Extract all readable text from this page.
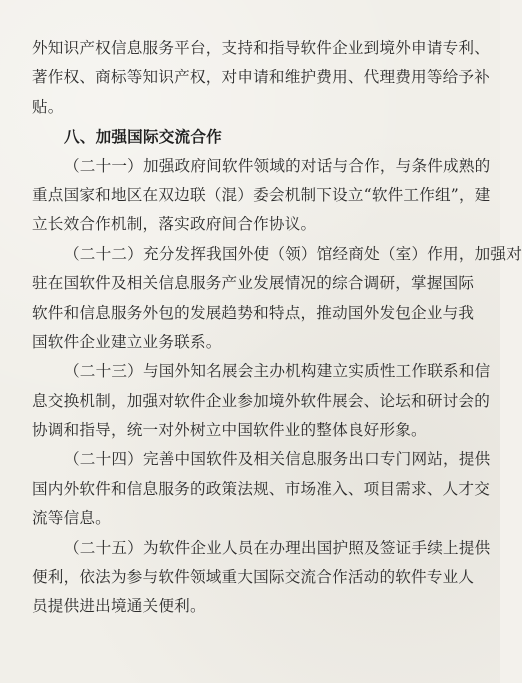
外知识产权信息服务平台，支持和指导软件企业到境外申请专利、
著作权、商标等知识产权，对申请和维护费用、代理费用等给予补
贴。
八、加强国际交流合作
（二十一）加强政府间软件领域的对话与合作，与条件成熟的
重点国家和地区在双边联（混）委会机制下设立“软件工作组”，建
立长效合作机制，落实政府间合作协议。
（二十二）充分发挥我国外使（领）馆经商处（室）作用，加强对
驻在国软件及相关信息服务产业发展情况的综合调研，掌握国际
软件和信息服务外包的发展趋势和特点，推动国外发包企业与我
国软件企业建立业务联系。
（二十三）与国外知名展会主办机构建立实质性工作联系和信
息交换机制，加强对软件企业参加境外软件展会、论坛和研讨会的
协调和指导，统一对外树立中国软件业的整体良好形象。
（二十四）完善中国软件及相关信息服务出口专门网站，提供
国内外软件和信息服务的政策法规、市场准入、项目需求、人才交
流等信息。
（二十五）为软件企业人员在办理出国护照及签证手续上提供
便利，依法为参与软件领域重大国际交流合作活动的软件专业人
员提供进出境通关便利。
